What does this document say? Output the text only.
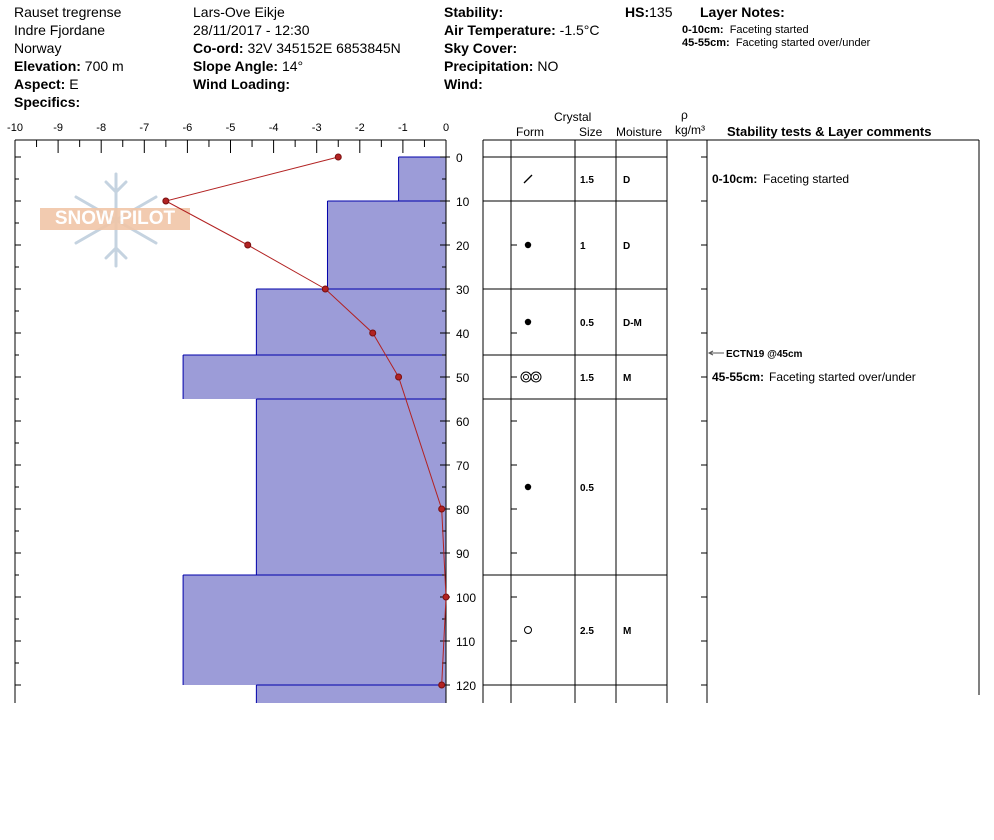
Rauset tregrense
Indre Fjordane
Norway
Elevation: 700 m
Aspect: E
Specifics:
Lars-Ove Eikje
28/11/2017 - 12:30
Co-ord: 32V 345152E 6853845N
Slope Angle: 14°
Wind Loading:
Stability:
Air Temperature: -1.5°C
Sky Cover:
Precipitation: NO
Wind:
HS:135 Layer Notes:
0-10cm: Faceting started
45-55cm: Faceting started over/under
Crystal
Form	Size Moisture
ρ
kg/m³ Stability tests & Layer comments
SNOW PILOT
-10	-9	-8	-7	-6	-5	-4	-3	-2	-1	0
0
10
20
30
40
50
60
70
80
90
100
110
120
1.5	D	0-10cm: Faceting started
1	D
0.5	D-M
1.5	M	45-55cm: Faceting started over/under
0.5
2.5	M
ECTN19 @45cm
